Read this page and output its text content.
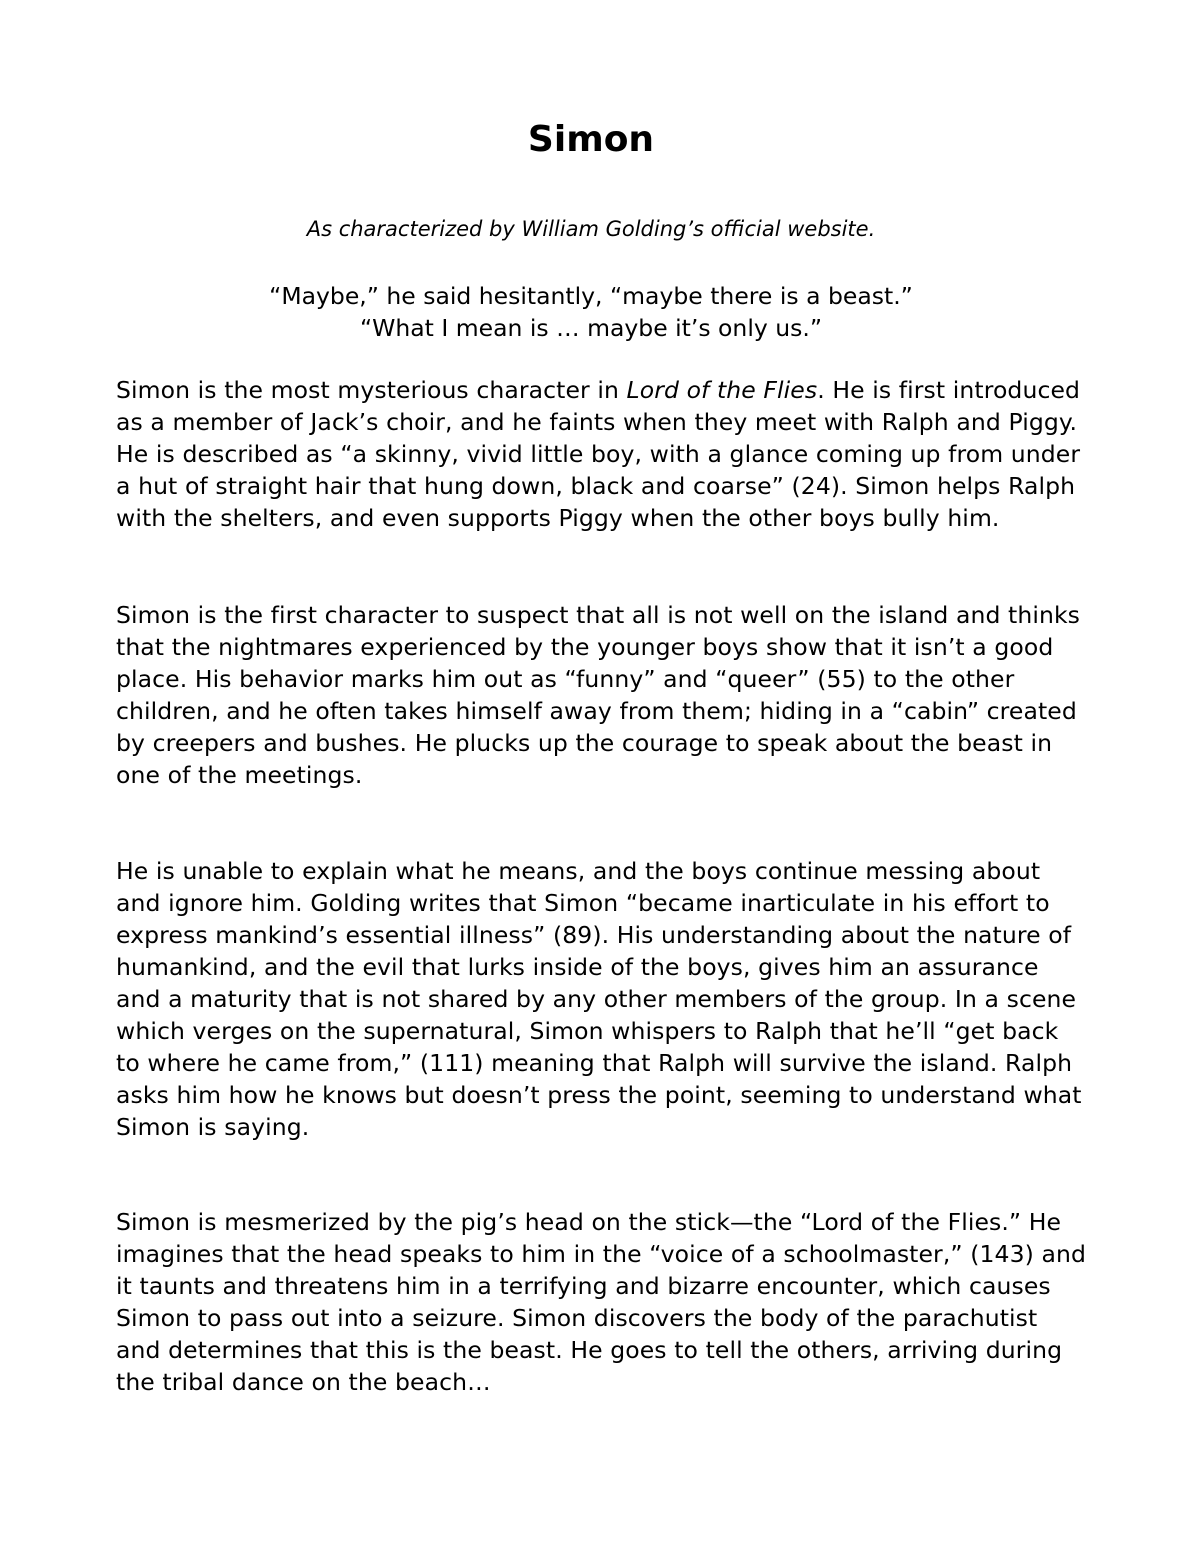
Simon

As characterized by William Golding’s official website.

“Maybe,” he said hesitantly, “maybe there is a beast.”
“What I mean is … maybe it’s only us.”

Simon is the most mysterious character in Lord of the Flies. He is first introduced as a member of Jack’s choir, and he faints when they meet with Ralph and Piggy. He is described as “a skinny, vivid little boy, with a glance coming up from under a hut of straight hair that hung down, black and coarse” (24). Simon helps Ralph with the shelters, and even supports Piggy when the other boys bully him.

Simon is the first character to suspect that all is not well on the island and thinks that the nightmares experienced by the younger boys show that it isn’t a good place. His behavior marks him out as “funny” and “queer” (55) to the other children, and he often takes himself away from them; hiding in a “cabin” created by creepers and bushes. He plucks up the courage to speak about the beast in one of the meetings.

He is unable to explain what he means, and the boys continue messing about and ignore him. Golding writes that Simon “became inarticulate in his effort to express mankind’s essential illness” (89). His understanding about the nature of humankind, and the evil that lurks inside of the boys, gives him an assurance and a maturity that is not shared by any other members of the group. In a scene which verges on the supernatural, Simon whispers to Ralph that he’ll “get back to where he came from,” (111) meaning that Ralph will survive the island. Ralph asks him how he knows but doesn’t press the point, seeming to understand what Simon is saying.

Simon is mesmerized by the pig’s head on the stick—the “Lord of the Flies.” He imagines that the head speaks to him in the “voice of a schoolmaster,” (143) and it taunts and threatens him in a terrifying and bizarre encounter, which causes Simon to pass out into a seizure. Simon discovers the body of the parachutist and determines that this is the beast. He goes to tell the others, arriving during the tribal dance on the beach…
